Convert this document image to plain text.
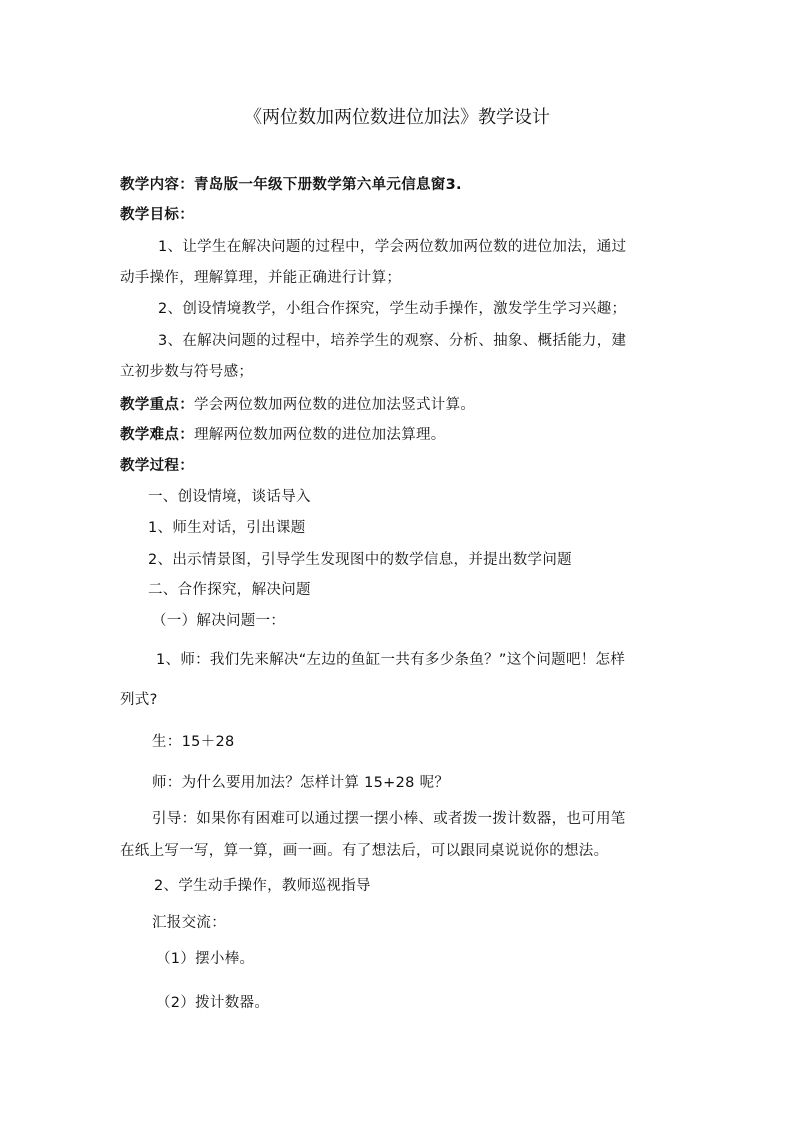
《两位数加两位数进位加法》教学设计
教学内容：青岛版一年级下册数学第六单元信息窗3.
教学目标：
1、让学生在解决问题的过程中，学会两位数加两位数的进位加法，通过
动手操作，理解算理，并能正确进行计算；
2、创设情境教学，小组合作探究，学生动手操作，激发学生学习兴趣；
3、在解决问题的过程中，培养学生的观察、分析、抽象、概括能力，建
立初步数与符号感；
教学重点：学会两位数加两位数的进位加法竖式计算。
教学难点：理解两位数加两位数的进位加法算理。
教学过程：
一、创设情境，谈话导入
1、师生对话，引出课题
2、出示情景图，引导学生发现图中的数学信息，并提出数学问题
二、合作探究，解决问题
（一）解决问题一：
1、师：我们先来解决“左边的鱼缸一共有多少条鱼？”这个问题吧！怎样
列式?
生：15＋28
师：为什么要用加法？怎样计算 15+28 呢？
引导：如果你有困难可以通过摆一摆小棒、或者拨一拨计数器，也可用笔
在纸上写一写，算一算，画一画。有了想法后，可以跟同桌说说你的想法。
2、学生动手操作，教师巡视指导
汇报交流：
（1）摆小棒。
（2）拨计数器。
